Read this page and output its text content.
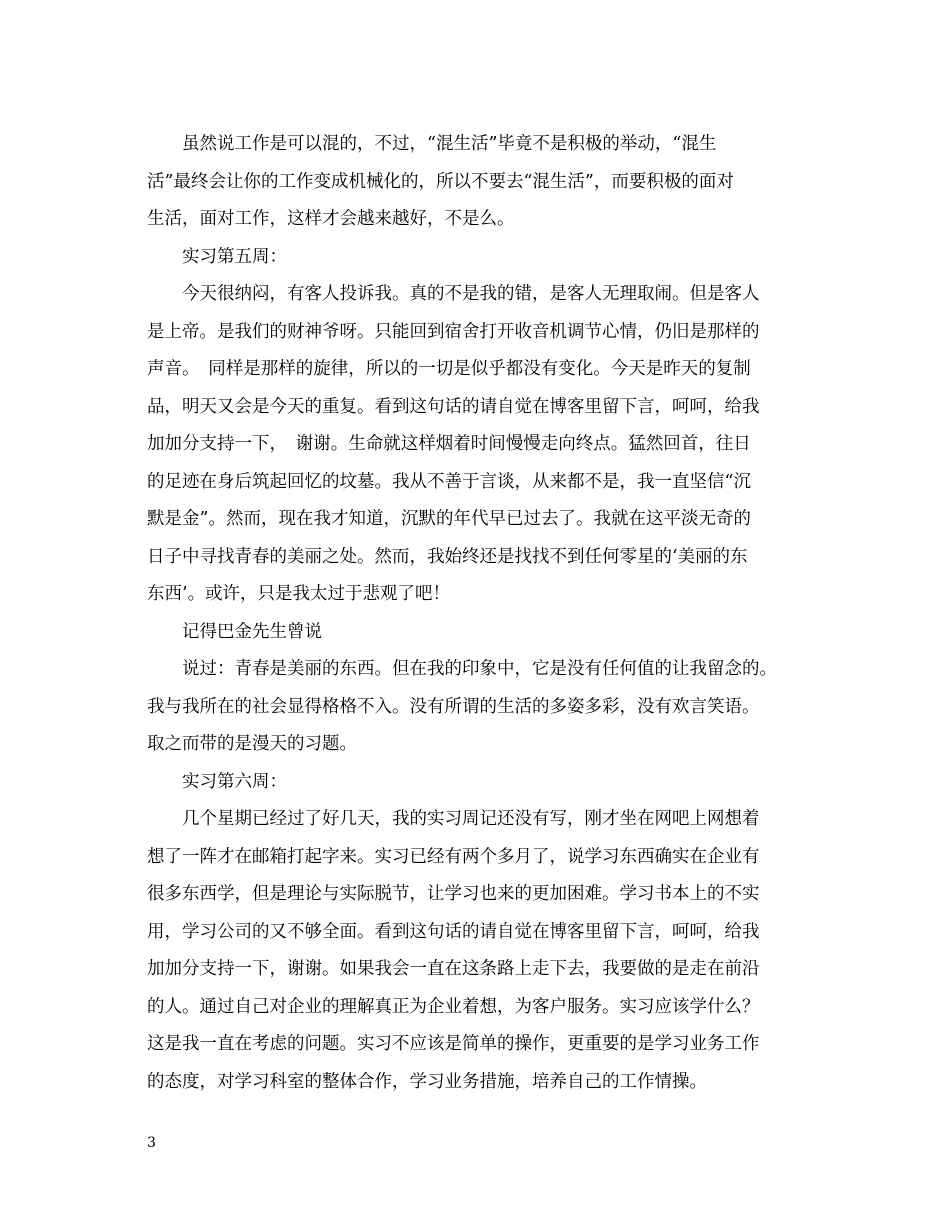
　　虽然说工作是可以混的，不过，“混生活”毕竟不是积极的举动，“混生
活”最终会让你的工作变成机械化的，所以不要去“混生活”，而要积极的面对
生活，面对工作，这样才会越来越好，不是么。
　　实习第五周：
　　今天很纳闷，有客人投诉我。真的不是我的错，是客人无理取闹。但是客人
是上帝。是我们的财神爷呀。只能回到宿舍打开收音机调节心情，仍旧是那样的
声音。　同样是那样的旋律，所以的一切是似乎都没有变化。今天是昨天的复制
品，明天又会是今天的重复。看到这句话的请自觉在博客里留下言，呵呵，给我
加加分支持一下，　谢谢。生命就这样烟着时间慢慢走向终点。猛然回首，往日
的足迹在身后筑起回忆的坟墓。我从不善于言谈，从来都不是，我一直坚信“沉
默是金”。然而，现在我才知道，沉默的年代早已过去了。我就在这平淡无奇的
日子中寻找青春的美丽之处。然而，我始终还是找找不到任何零星的‘美丽的东
东西’。或许，只是我太过于悲观了吧！
　　记得巴金先生曾说
　　说过：青春是美丽的东西。但在我的印象中，它是没有任何值的让我留念的。
我与我所在的社会显得格格不入。没有所谓的生活的多姿多彩，没有欢言笑语。
取之而带的是漫天的习题。
　　实习第六周：
　　几个星期已经过了好几天，我的实习周记还没有写，刚才坐在网吧上网想着
想了一阵才在邮箱打起字来。实习已经有两个多月了，说学习东西确实在企业有
很多东西学，但是理论与实际脱节，让学习也来的更加困难。学习书本上的不实
用，学习公司的又不够全面。看到这句话的请自觉在博客里留下言，呵呵，给我
加加分支持一下，谢谢。如果我会一直在这条路上走下去，我要做的是走在前沿
的人。通过自己对企业的理解真正为企业着想，为客户服务。实习应该学什么？
这是我一直在考虑的问题。实习不应该是简单的操作，更重要的是学习业务工作
的态度，对学习科室的整体合作，学习业务措施，培养自己的工作情操。
3
